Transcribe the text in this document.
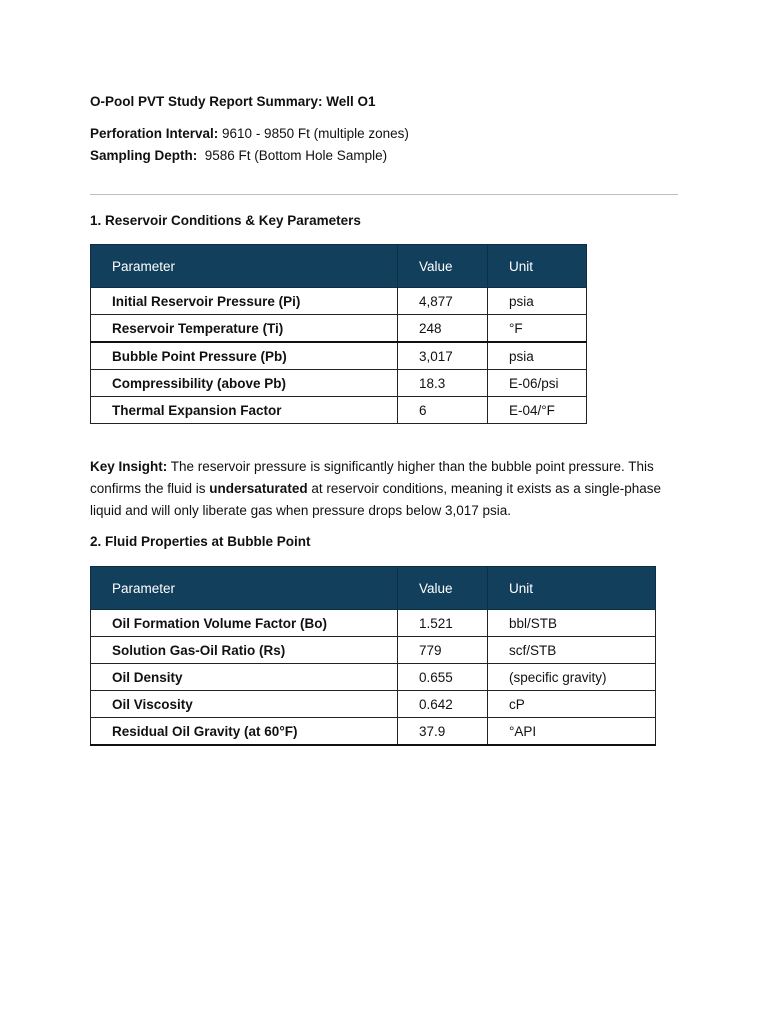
O-Pool PVT Study Report Summary: Well O1
Perforation Interval: 9610 - 9850 Ft (multiple zones)
Sampling Depth:  9586 Ft (Bottom Hole Sample)
1. Reservoir Conditions & Key Parameters
Parameter	Value	Unit
Initial Reservoir Pressure (Pi)	4,877	psia
Reservoir Temperature (Ti)	248	°F
Bubble Point Pressure (Pb)	3,017	psia
Compressibility (above Pb)	18.3	E-06/psi
Thermal Expansion Factor	6	E-04/°F
Key Insight: The reservoir pressure is significantly higher than the bubble point pressure. This confirms the fluid is undersaturated at reservoir conditions, meaning it exists as a single-phase liquid and will only liberate gas when pressure drops below 3,017 psia.
2. Fluid Properties at Bubble Point
Parameter	Value	Unit
Oil Formation Volume Factor (Bo)	1.521	bbl/STB
Solution Gas-Oil Ratio (Rs)	779	scf/STB
Oil Density	0.655	(specific gravity)
Oil Viscosity	0.642	cP
Residual Oil Gravity (at 60°F)	37.9	°API
